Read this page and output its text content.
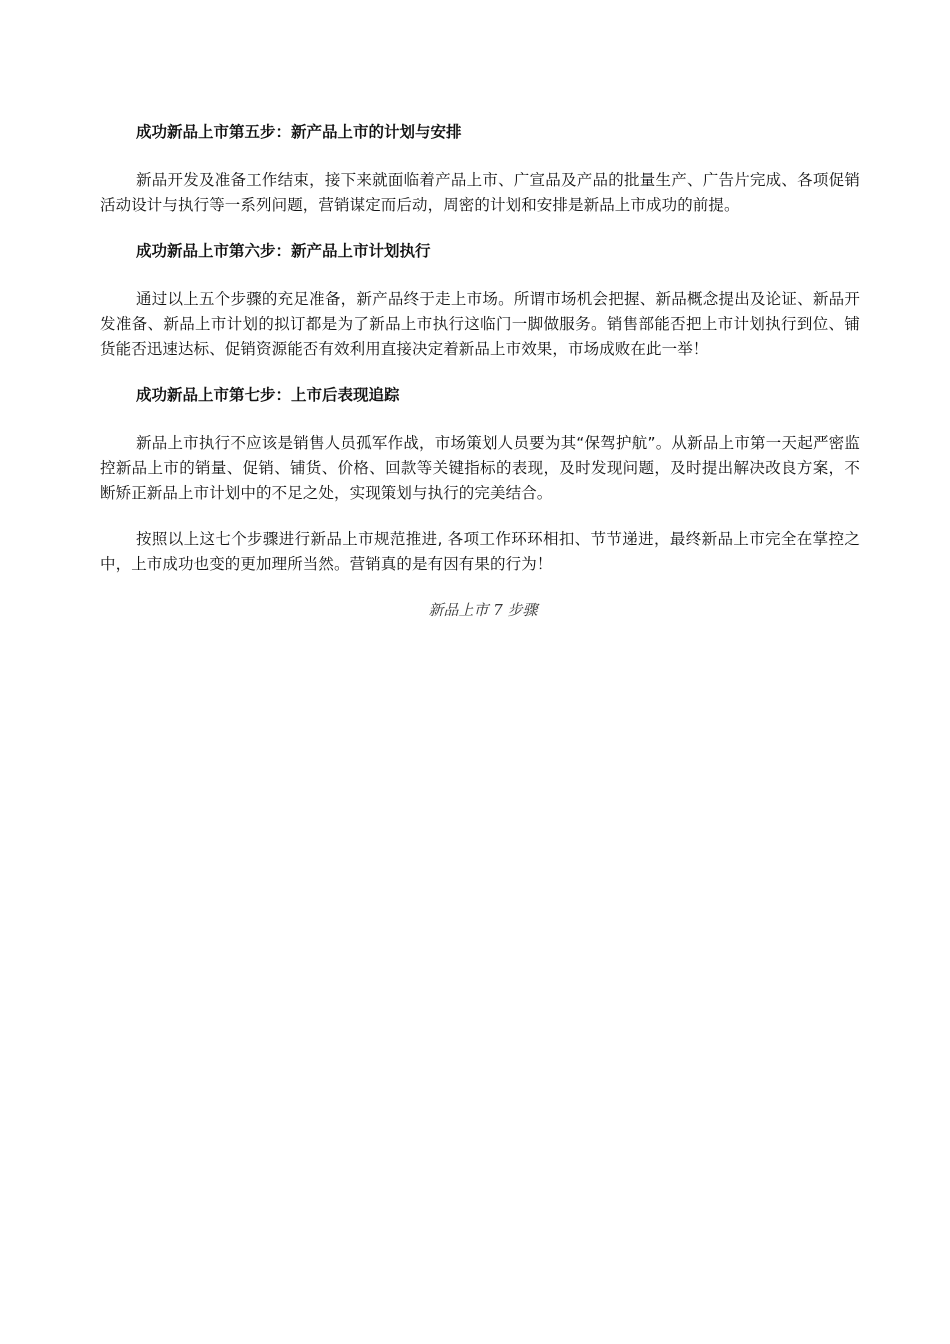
成功新品上市第五步：新产品上市的计划与安排

新品开发及准备工作结束，接下来就面临着产品上市、广宣品及产品的批量生产、广告片完成、各项促销活动设计与执行等一系列问题，营销谋定而后动，周密的计划和安排是新品上市成功的前提。

成功新品上市第六步：新产品上市计划执行

通过以上五个步骤的充足准备，新产品终于走上市场。所谓市场机会把握、新品概念提出及论证、新品开发准备、新品上市计划的拟订都是为了新品上市执行这临门一脚做服务。销售部能否把上市计划执行到位、铺货能否迅速达标、促销资源能否有效利用直接决定着新品上市效果，市场成败在此一举！

成功新品上市第七步：上市后表现追踪

新品上市执行不应该是销售人员孤军作战，市场策划人员要为其“保驾护航”。从新品上市第一天起严密监控新品上市的销量、促销、铺货、价格、回款等关键指标的表现，及时发现问题，及时提出解决改良方案，不断矫正新品上市计划中的不足之处，实现策划与执行的完美结合。

按照以上这七个步骤进行新品上市规范推进, 各项工作环环相扣、节节递进，最终新品上市完全在掌控之中，上市成功也变的更加理所当然。营销真的是有因有果的行为！

新品上市 7 步骤
